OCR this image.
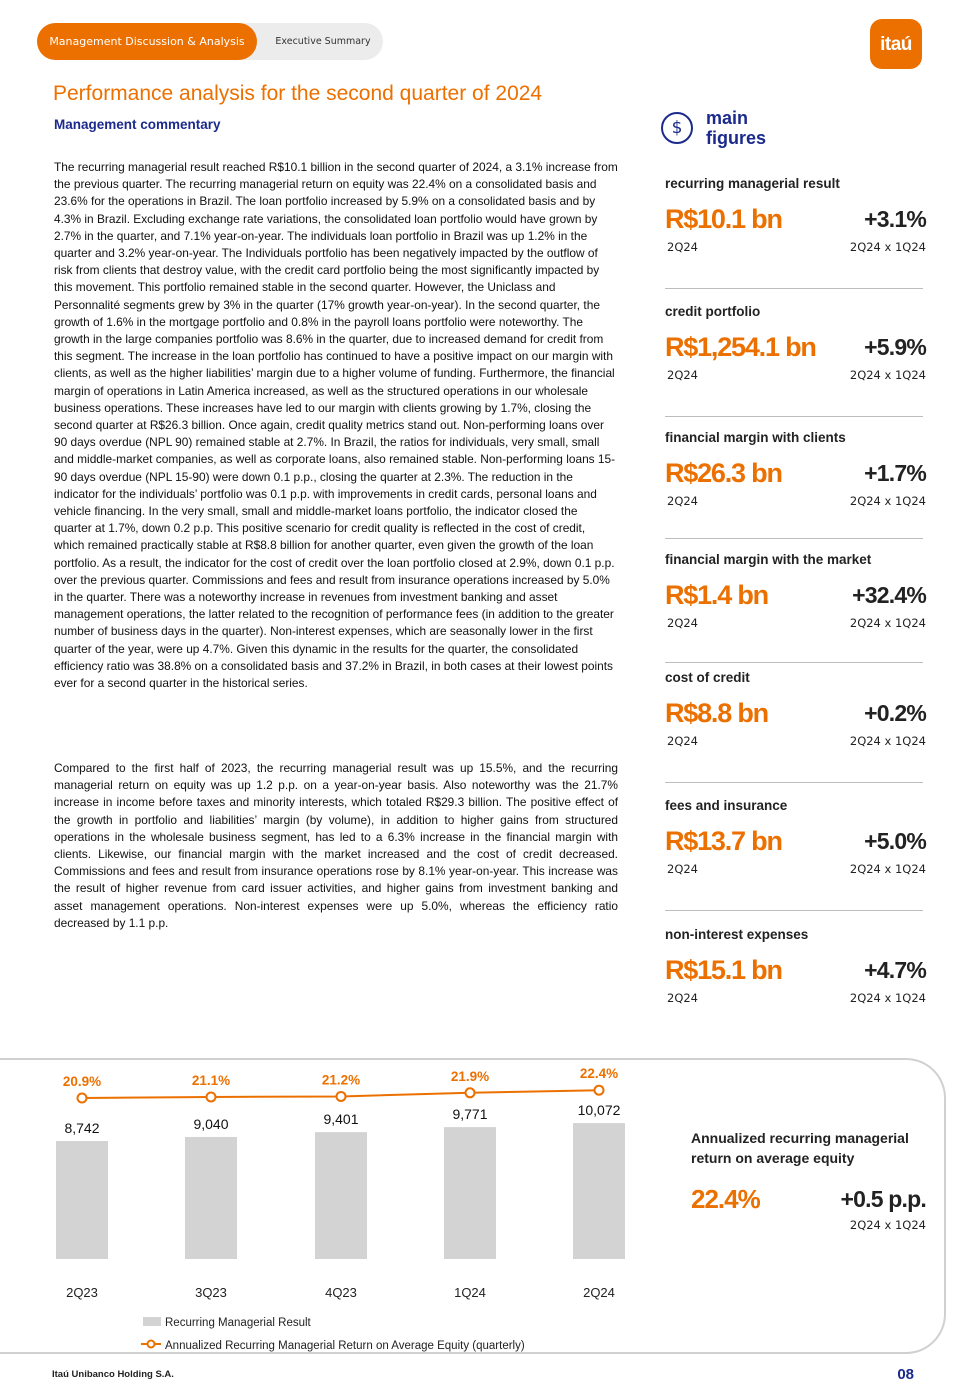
Management Discussion & Analysis	Executive Summary	itaú
Performance analysis for the second quarter of 2024
Management commentary

The recurring managerial result reached R$10.1 billion in the second quarter of 2024, a 3.1% increase from the previous quarter. The recurring managerial return on equity was 22.4% on a consolidated basis and 23.6% for the operations in Brazil. The loan portfolio increased by 5.9% on a consolidated basis and by 4.3% in Brazil. Excluding exchange rate variations, the consolidated loan portfolio would have grown by 2.7% in the quarter, and 7.1% year-on-year. The individuals loan portfolio in Brazil was up 1.2% in the quarter and 3.2% year-on-year. The Individuals portfolio has been negatively impacted by the outflow of risk from clients that destroy value, with the credit card portfolio being the most significantly impacted by this movement. This portfolio remained stable in the second quarter. However, the Uniclass and Personnalité segments grew by 3% in the quarter (17% growth year-on-year). In the second quarter, the growth of 1.6% in the mortgage portfolio and 0.8% in the payroll loans portfolio were noteworthy. The growth in the large companies portfolio was 8.6% in the quarter, due to increased demand for credit from this segment. The increase in the loan portfolio has continued to have a positive impact on our margin with clients, as well as the higher liabilities’ margin due to a higher volume of funding. Furthermore, the financial margin of operations in Latin America increased, as well as the structured operations in our wholesale business operations. These increases have led to our margin with clients growing by 1.7%, closing the second quarter at R$26.3 billion. Once again, credit quality metrics stand out. Non-performing loans over 90 days overdue (NPL 90) remained stable at 2.7%. In Brazil, the ratios for individuals, very small, small and middle-market companies, as well as corporate loans, also remained stable. Non-performing loans 15-90 days overdue (NPL 15-90) were down 0.1 p.p., closing the quarter at 2.3%. The reduction in the indicator for the individuals’ portfolio was 0.1 p.p. with improvements in credit cards, personal loans and vehicle financing. In the very small, small and middle-market loans portfolio, the indicator closed the quarter at 1.7%, down 0.2 p.p. This positive scenario for credit quality is reflected in the cost of credit, which remained practically stable at R$8.8 billion for another quarter, even given the growth of the loan portfolio. As a result, the indicator for the cost of credit over the loan portfolio closed at 2.9%, down 0.1 p.p. over the previous quarter. Commissions and fees and result from insurance operations increased by 5.0% in the quarter. There was a noteworthy increase in revenues from investment banking and asset management operations, the latter related to the recognition of performance fees (in addition to the greater number of business days in the quarter). Non-interest expenses, which are seasonally lower in the first quarter of the year, were up 4.7%. Given this dynamic in the results for the quarter, the consolidated efficiency ratio was 38.8% on a consolidated basis and 37.2% in Brazil, in both cases at their lowest points ever for a second quarter in the historical series.

Compared to the first half of 2023, the recurring managerial result was up 15.5%, and the recurring managerial return on equity was up 1.2 p.p. on a year-on-year basis. Also noteworthy was the 21.7% increase in income before taxes and minority interests, which totaled R$29.3 billion. The positive effect of the growth in portfolio and liabilities’ margin (by volume), in addition to higher gains from structured operations in the wholesale business segment, has led to a 6.3% increase in the financial margin with clients. Likewise, our financial margin with the market increased and the cost of credit decreased. Commissions and fees and result from insurance operations rose by 8.1% year-on-year. This increase was the result of higher revenue from card issuer activities, and higher gains from investment banking and asset management operations. Non-interest expenses were up 5.0%, whereas the efficiency ratio decreased by 1.1 p.p.

$	main figures
recurring managerial result
R$10.1 bn	+3.1%
2Q24	2Q24 x 1Q24
credit portfolio
R$1,254.1 bn +5.9%
2Q24	2Q24 x 1Q24
financial margin with clients
R$26.3 bn	+1.7%
2Q24	2Q24 x 1Q24
financial margin with the market
R$1.4 bn	+32.4%
2Q24	2Q24 x 1Q24
cost of credit
R$8.8 bn	+0.2%
2Q24	2Q24 x 1Q24
fees and insurance
R$13.7 bn	+5.0%
2Q24	2Q24 x 1Q24
non-interest expenses
R$15.1 bn	+4.7%
2Q24	2Q24 x 1Q24
8,742
2Q23
9,040
3Q23
9,401
4Q23
9,771
1Q24
10,072
2Q24
20.9%	21.1%	21.2%	21.9%	22.4%
Recurring Managerial Result
Annualized Recurring Managerial Return on Average Equity (quarterly)
Annualized recurring managerial return on average equity
22.4%	+0.5 p.p.
2Q24 x 1Q24
Itaú Unibanco Holding S.A.	08
